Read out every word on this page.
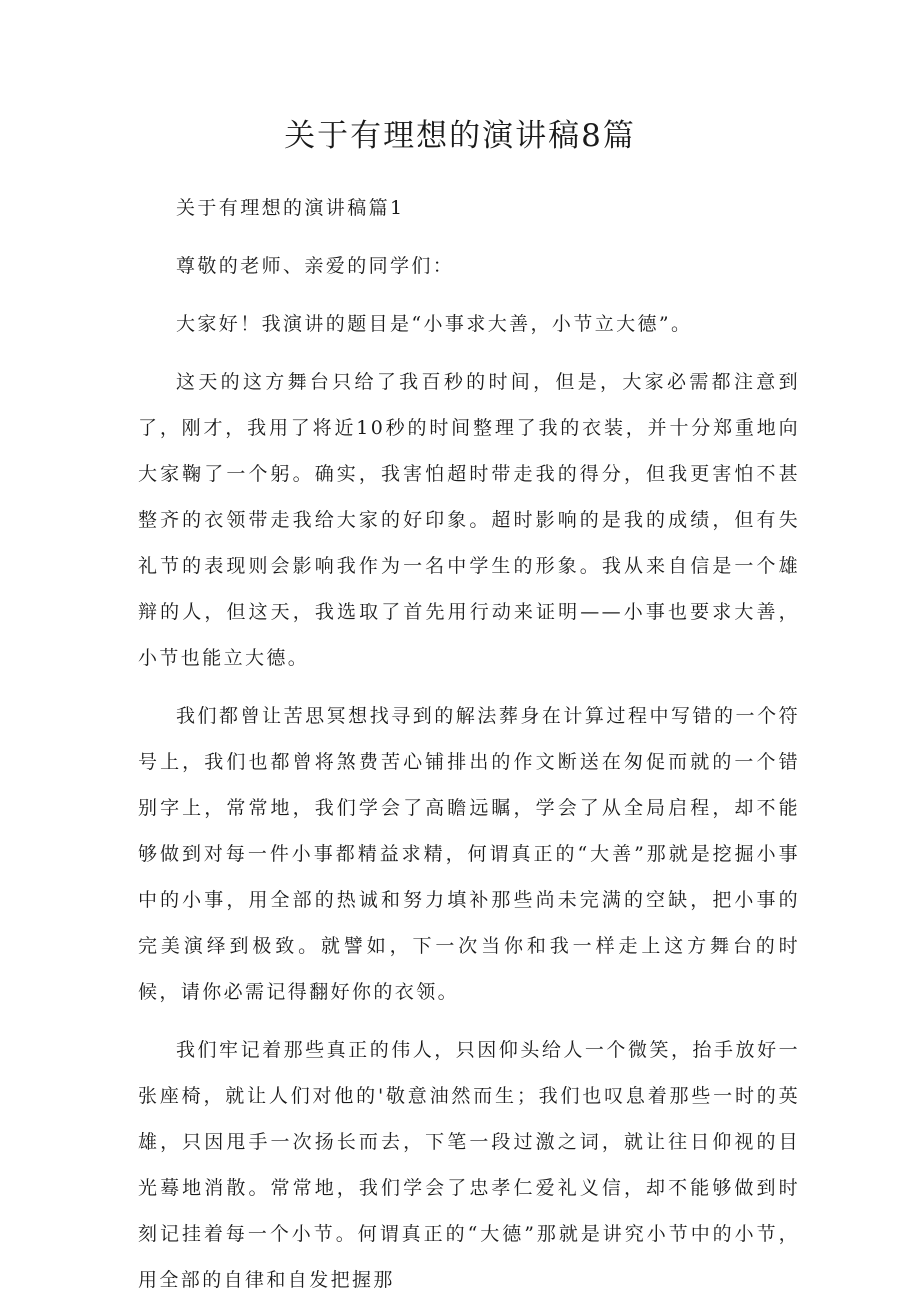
关于有理想的演讲稿8篇

关于有理想的演讲稿篇1

尊敬的老师、亲爱的同学们：

大家好！我演讲的题目是“小事求大善，小节立大德”。

这天的这方舞台只给了我百秒的时间，但是，大家必需都注意到了，刚才，我用了将近10秒的时间整理了我的衣装，并十分郑重地向大家鞠了一个躬。确实，我害怕超时带走我的得分，但我更害怕不甚整齐的衣领带走我给大家的好印象。超时影响的是我的成绩，但有失礼节的表现则会影响我作为一名中学生的形象。我从来自信是一个雄辩的人，但这天，我选取了首先用行动来证明——小事也要求大善，小节也能立大德。

我们都曾让苦思冥想找寻到的解法葬身在计算过程中写错的一个符号上，我们也都曾将煞费苦心铺排出的作文断送在匆促而就的一个错别字上，常常地，我们学会了高瞻远瞩，学会了从全局启程，却不能够做到对每一件小事都精益求精，何谓真正的“大善”那就是挖掘小事中的小事，用全部的热诚和努力填补那些尚未完满的空缺，把小事的完美演绎到极致。就譬如，下一次当你和我一样走上这方舞台的时候，请你必需记得翻好你的衣领。

我们牢记着那些真正的伟人，只因仰头给人一个微笑，抬手放好一张座椅，就让人们对他的'敬意油然而生；我们也叹息着那些一时的英雄，只因甩手一次扬长而去，下笔一段过激之词，就让往日仰视的目光蓦地消散。常常地，我们学会了忠孝仁爱礼义信，却不能够做到时刻记挂着每一个小节。何谓真正的“大德”那就是讲究小节中的小节，用全部的自律和自发把握那
